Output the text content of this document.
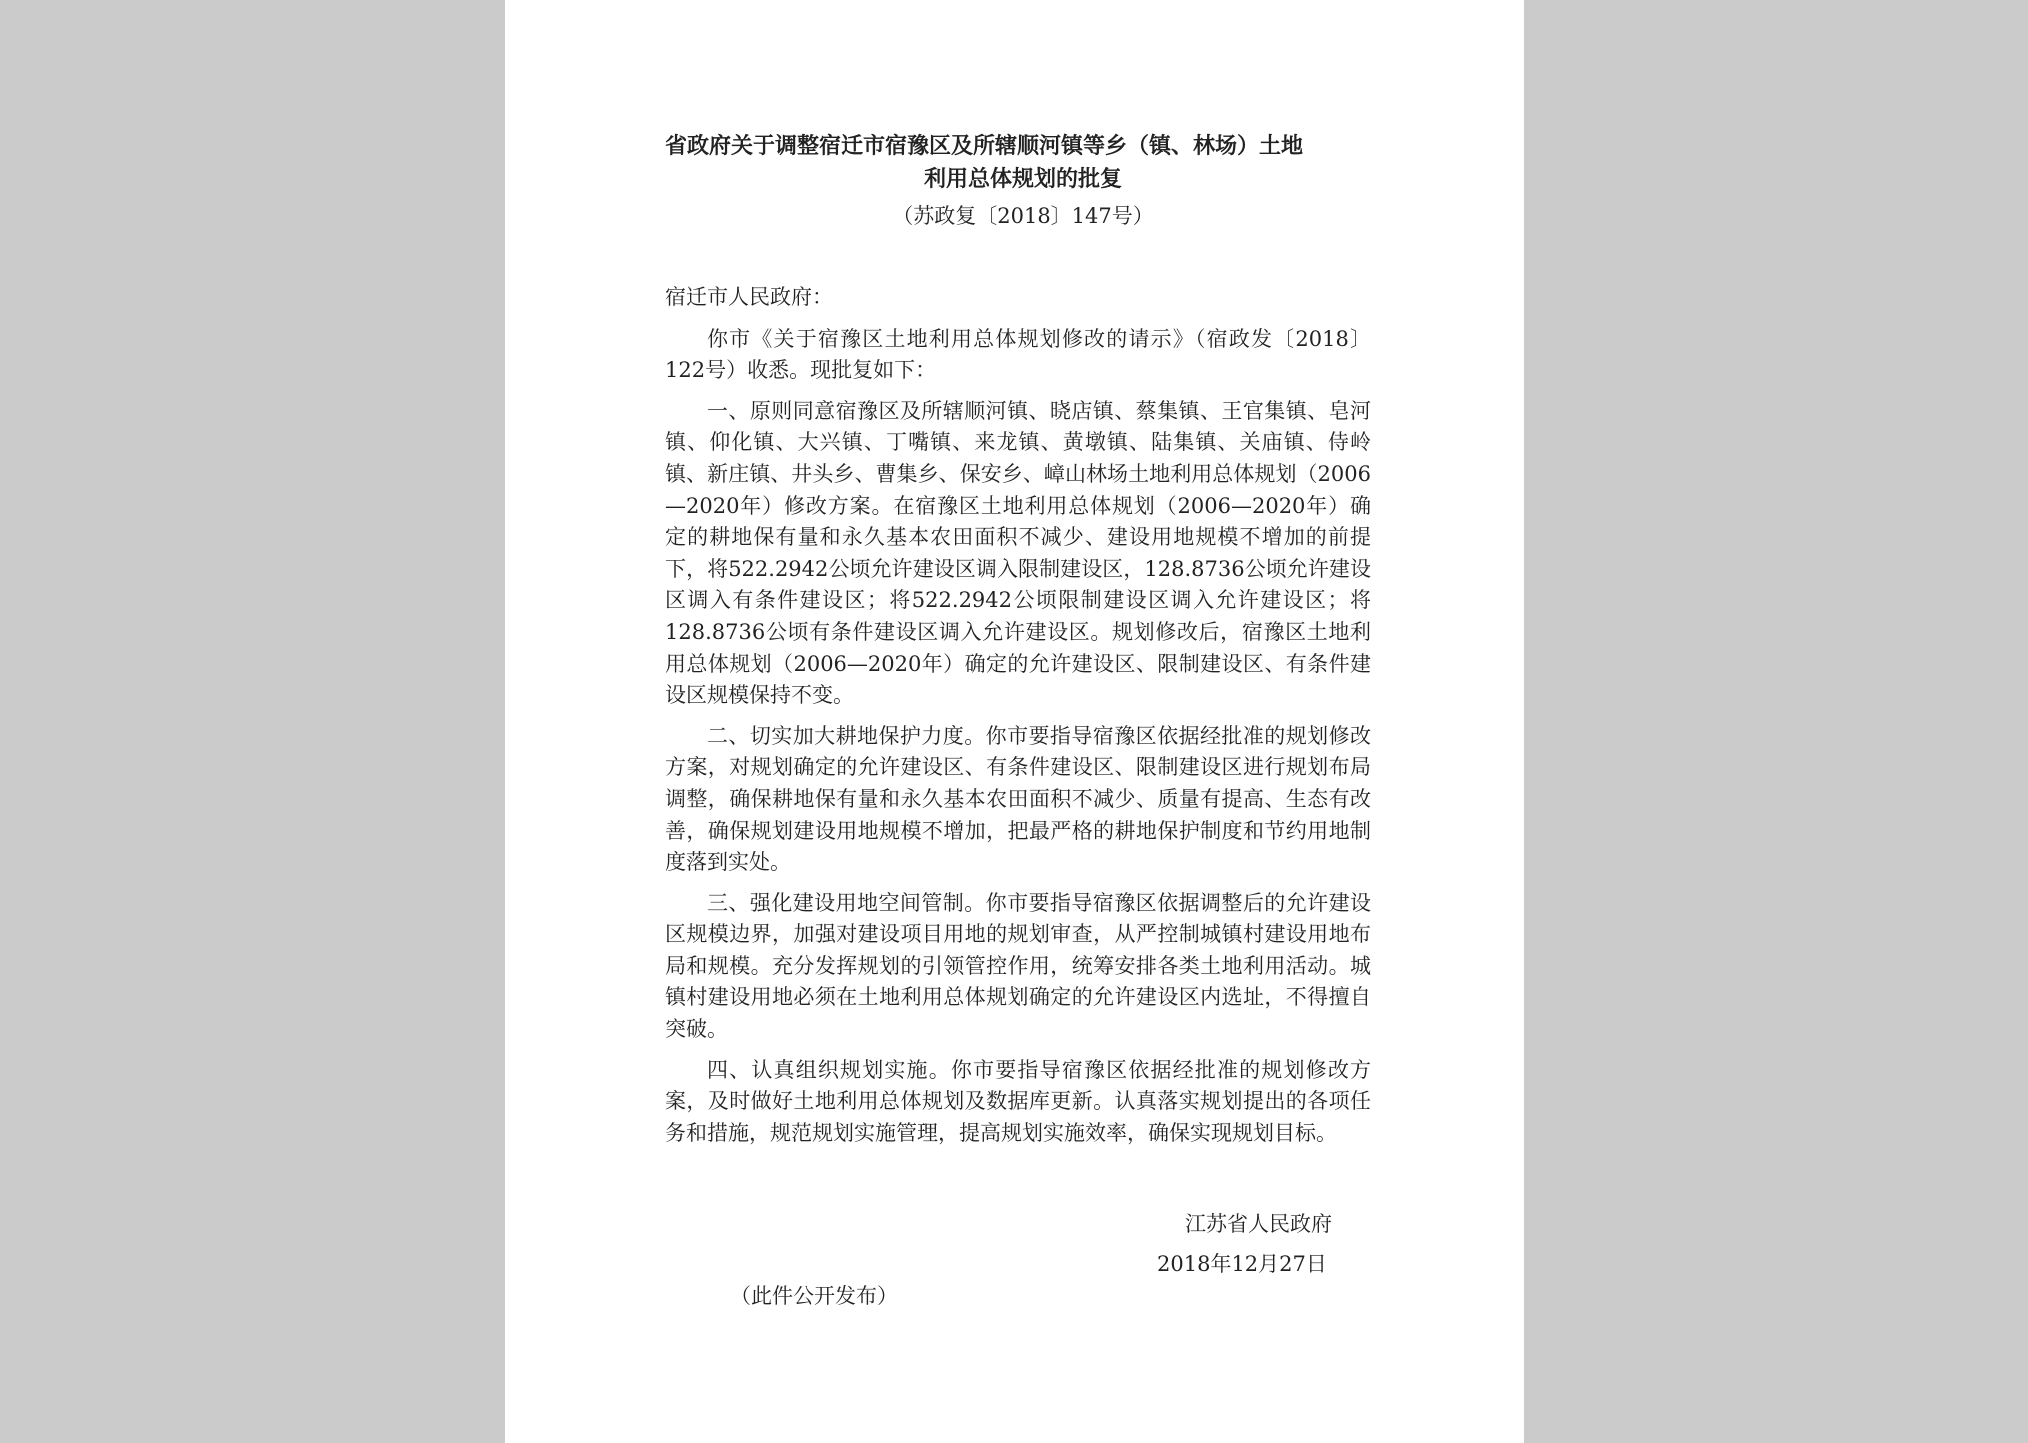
省政府关于调整宿迁市宿豫区及所辖顺河镇等乡（镇、林场）土地
利用总体规划的批复

（苏政复〔2018〕147号）

宿迁市人民政府：

你市《关于宿豫区土地利用总体规划修改的请示》（宿政发〔2018〕122号）收悉。现批复如下：

一、原则同意宿豫区及所辖顺河镇、晓店镇、蔡集镇、王官集镇、皂河镇、仰化镇、大兴镇、丁嘴镇、来龙镇、黄墩镇、陆集镇、关庙镇、侍岭镇、新庄镇、井头乡、曹集乡、保安乡、嶂山林场土地利用总体规划（2006—2020年）修改方案。在宿豫区土地利用总体规划（2006—2020年）确定的耕地保有量和永久基本农田面积不减少、建设用地规模不增加的前提下，将522.2942公顷允许建设区调入限制建设区，128.8736公顷允许建设区调入有条件建设区；将522.2942公顷限制建设区调入允许建设区；将128.8736公顷有条件建设区调入允许建设区。规划修改后，宿豫区土地利用总体规划（2006—2020年）确定的允许建设区、限制建设区、有条件建设区规模保持不变。

二、切实加大耕地保护力度。你市要指导宿豫区依据经批准的规划修改方案，对规划确定的允许建设区、有条件建设区、限制建设区进行规划布局调整，确保耕地保有量和永久基本农田面积不减少、质量有提高、生态有改善，确保规划建设用地规模不增加，把最严格的耕地保护制度和节约用地制度落到实处。

三、强化建设用地空间管制。你市要指导宿豫区依据调整后的允许建设区规模边界，加强对建设项目用地的规划审查，从严控制城镇村建设用地布局和规模。充分发挥规划的引领管控作用，统筹安排各类土地利用活动。城镇村建设用地必须在土地利用总体规划确定的允许建设区内选址，不得擅自突破。

四、认真组织规划实施。你市要指导宿豫区依据经批准的规划修改方案，及时做好土地利用总体规划及数据库更新。认真落实规划提出的各项任务和措施，规范规划实施管理，提高规划实施效率，确保实现规划目标。

江苏省人民政府

2018年12月27日

（此件公开发布）
